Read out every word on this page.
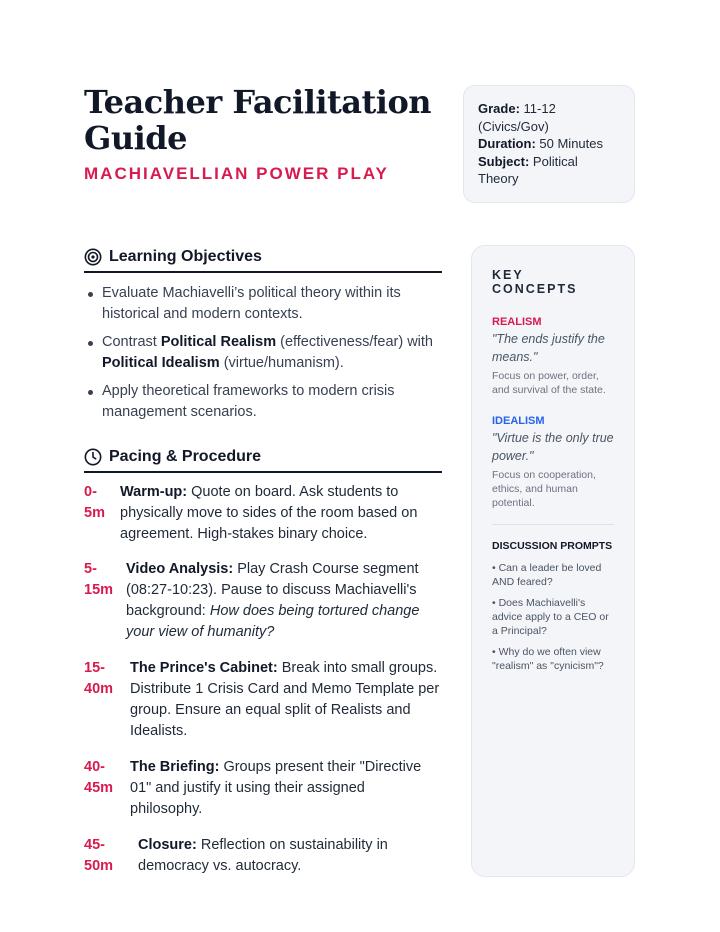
Teacher Facilitation Guide
MACHIAVELLIAN POWER PLAY
Grade: 11-12 (Civics/Gov)
Duration: 50 Minutes
Subject: Political Theory
Learning Objectives
Evaluate Machiavelli’s political theory within its historical and modern contexts.
Contrast Political Realism (effectiveness/fear) with Political Idealism (virtue/humanism).
Apply theoretical frameworks to modern crisis management scenarios.
Pacing & Procedure
0-
5m
Warm-up: Quote on board. Ask students to physically move to sides of the room based on agreement. High-stakes binary choice.
5-
15m
Video Analysis: Play Crash Course segment (08:27-10:23). Pause to discuss Machiavelli's background: How does being tortured change your view of humanity?
15-
40m
The Prince's Cabinet: Break into small groups. Distribute 1 Crisis Card and Memo Template per group. Ensure an equal split of Realists and Idealists.
40-
45m
The Briefing: Groups present their "Directive 01" and justify it using their assigned philosophy.
45-
50m
Closure: Reflection on sustainability in democracy vs. autocracy.
KEY CONCEPTS
REALISM
"The ends justify the means."
Focus on power, order, and survival of the state.
IDEALISM
"Virtue is the only true power."
Focus on cooperation, ethics, and human potential.
DISCUSSION PROMPTS
• Can a leader be loved AND feared?
• Does Machiavelli's advice apply to a CEO or a Principal?
• Why do we often view "realism" as "cynicism"?
